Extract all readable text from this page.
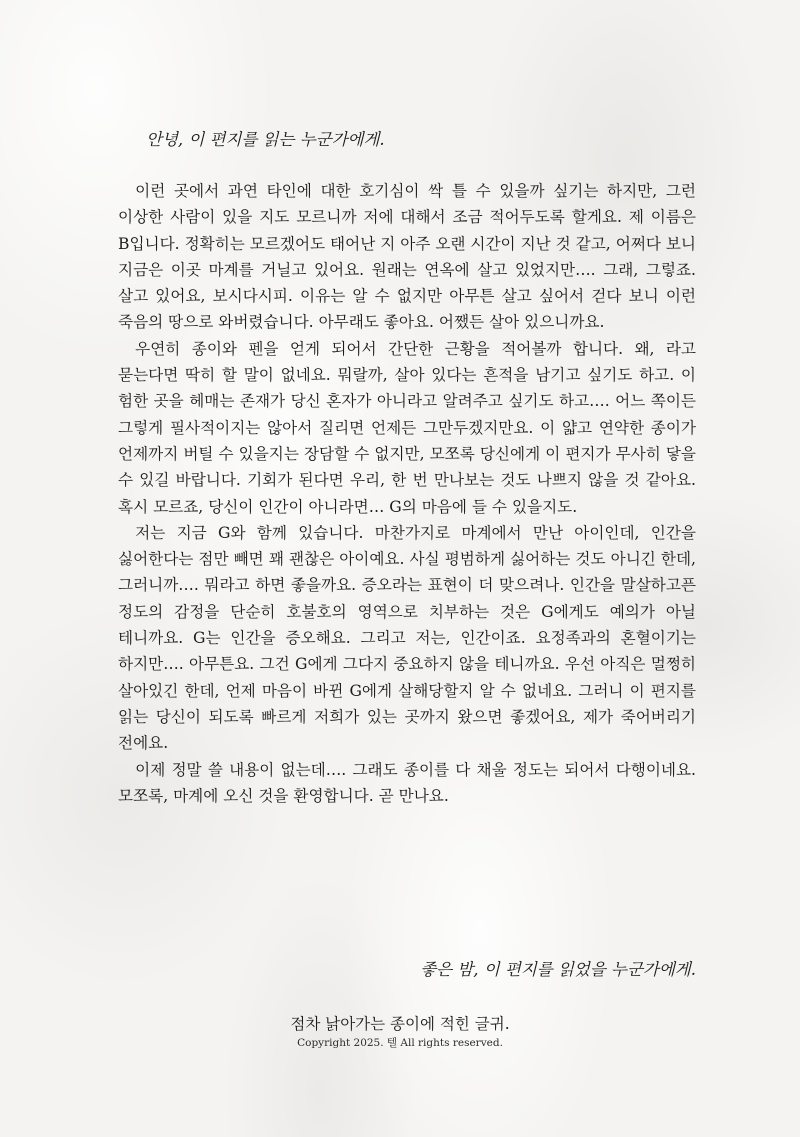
안녕, 이 편지를 읽는 누군가에게.

이런 곳에서 과연 타인에 대한 호기심이 싹 틀 수 있을까 싶기는 하지만, 그런 이상한 사람이 있을 지도 모르니까 저에 대해서 조금 적어두도록 할게요. 제 이름은 B입니다. 정확히는 모르겠어도 태어난 지 아주 오랜 시간이 지난 것 같고, 어쩌다 보니 지금은 이곳 마계를 거닐고 있어요. 원래는 연옥에 살고 있었지만…. 그래, 그렇죠. 살고 있어요, 보시다시피. 이유는 알 수 없지만 아무튼 살고 싶어서 걷다 보니 이런 죽음의 땅으로 와버렸습니다. 아무래도 좋아요. 어쨌든 살아 있으니까요.

우연히 종이와 펜을 얻게 되어서 간단한 근황을 적어볼까 합니다. 왜, 라고 묻는다면 딱히 할 말이 없네요. 뭐랄까, 살아 있다는 흔적을 남기고 싶기도 하고. 이 험한 곳을 헤매는 존재가 당신 혼자가 아니라고 알려주고 싶기도 하고…. 어느 쪽이든 그렇게 필사적이지는 않아서 질리면 언제든 그만두겠지만요. 이 얇고 연약한 종이가 언제까지 버틸 수 있을지는 장담할 수 없지만, 모쪼록 당신에게 이 편지가 무사히 닿을 수 있길 바랍니다. 기회가 된다면 우리, 한 번 만나보는 것도 나쁘지 않을 것 같아요. 혹시 모르죠, 당신이 인간이 아니라면… G의 마음에 들 수 있을지도.

저는 지금 G와 함께 있습니다. 마찬가지로 마계에서 만난 아이인데, 인간을 싫어한다는 점만 빼면 꽤 괜찮은 아이예요. 사실 평범하게 싫어하는 것도 아니긴 한데, 그러니까…. 뭐라고 하면 좋을까요. 증오라는 표현이 더 맞으려나. 인간을 말살하고픈 정도의 감정을 단순히 호불호의 영역으로 치부하는 것은 G에게도 예의가 아닐 테니까요. G는 인간을 증오해요. 그리고 저는, 인간이죠. 요정족과의 혼혈이기는 하지만…. 아무튼요. 그건 G에게 그다지 중요하지 않을 테니까요. 우선 아직은 멀쩡히 살아있긴 한데, 언제 마음이 바뀐 G에게 살해당할지 알 수 없네요. 그러니 이 편지를 읽는 당신이 되도록 빠르게 저희가 있는 곳까지 왔으면 좋겠어요, 제가 죽어버리기 전에요.

이제 정말 쓸 내용이 없는데…. 그래도 종이를 다 채울 정도는 되어서 다행이네요. 모쪼록, 마계에 오신 것을 환영합니다. 곧 만나요.

좋은 밤, 이 편지를 읽었을 누군가에게.

점차 낡아가는 종이에 적힌 글귀.

Copyright 2025. 텔 All rights reserved.
